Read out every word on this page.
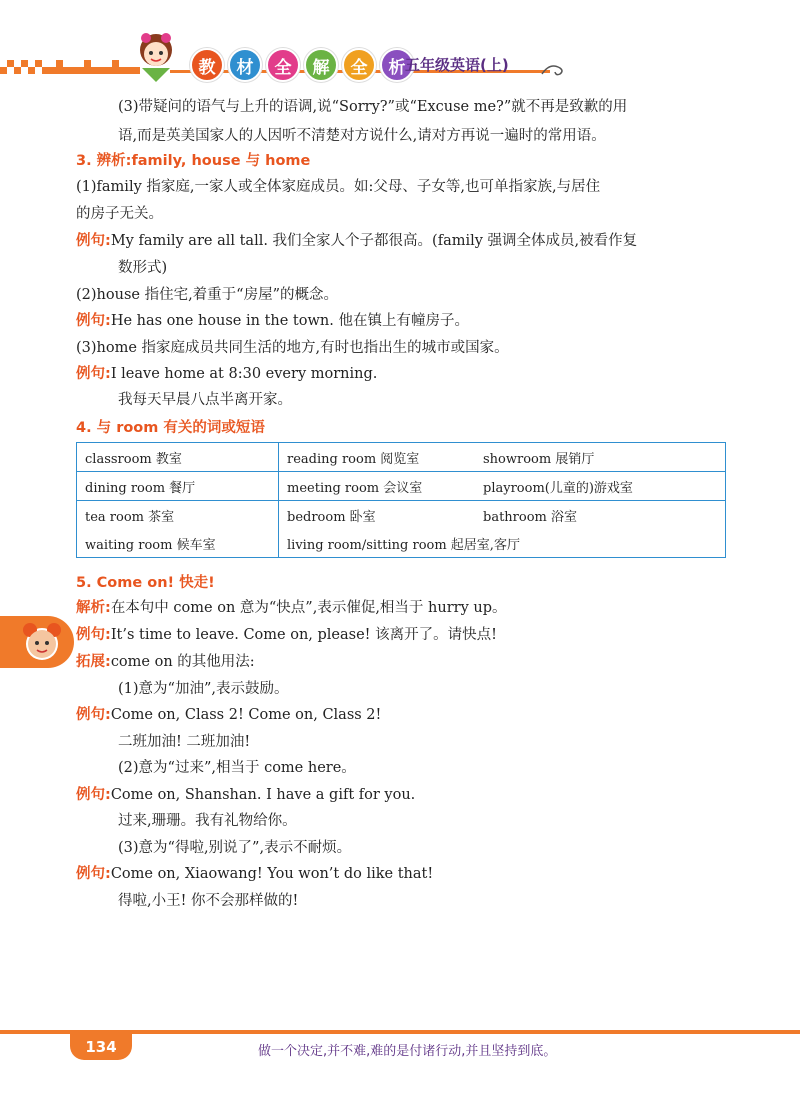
教	材	全	解	全	析 五年级英语(上)
(3)带疑问的语气与上升的语调,说“Sorry?”或“Excuse me?”就不再是致歉的用
语,而是英美国家人的人因听不清楚对方说什么,请对方再说一遍时的常用语。
3. 辨析:family, house 与 home
(1)family 指家庭,一家人或全体家庭成员。如:父母、子女等,也可单指家族,与居住
的房子无关。
例句:My family are all tall. 我们全家人个子都很高。(family 强调全体成员,被看作复
数形式)
(2)house 指住宅,着重于“房屋”的概念。
例句:He has one house in the town. 他在镇上有幢房子。
(3)home 指家庭成员共同生活的地方,有时也指出生的城市或国家。
例句:I leave home at 8:30 every morning.
我每天早晨八点半离开家。
4. 与 room 有关的词或短语
classroom 教室	reading room 阅览室	showroom 展销厅
dining room 餐厅	meeting room 会议室	playroom(儿童的)游戏室
tea room 茶室	bedroom 卧室	bathroom 浴室
waiting room 候车室	living room/sitting room 起居室,客厅	
5. Come on! 快走!
解析:在本句中 come on 意为“快点”,表示催促,相当于 hurry up。
例句:It’s time to leave. Come on, please! 该离开了。请快点!
拓展:come on 的其他用法:
(1)意为“加油”,表示鼓励。
例句:Come on, Class 2! Come on, Class 2!
二班加油! 二班加油!
(2)意为“过来”,相当于 come here。
例句:Come on, Shanshan. I have a gift for you.
过来,珊珊。我有礼物给你。
(3)意为“得啦,别说了”,表示不耐烦。
例句:Come on, Xiaowang! You won’t do like that!
得啦,小王! 你不会那样做的!
134	做一个决定,并不难,难的是付诸行动,并且坚持到底。
